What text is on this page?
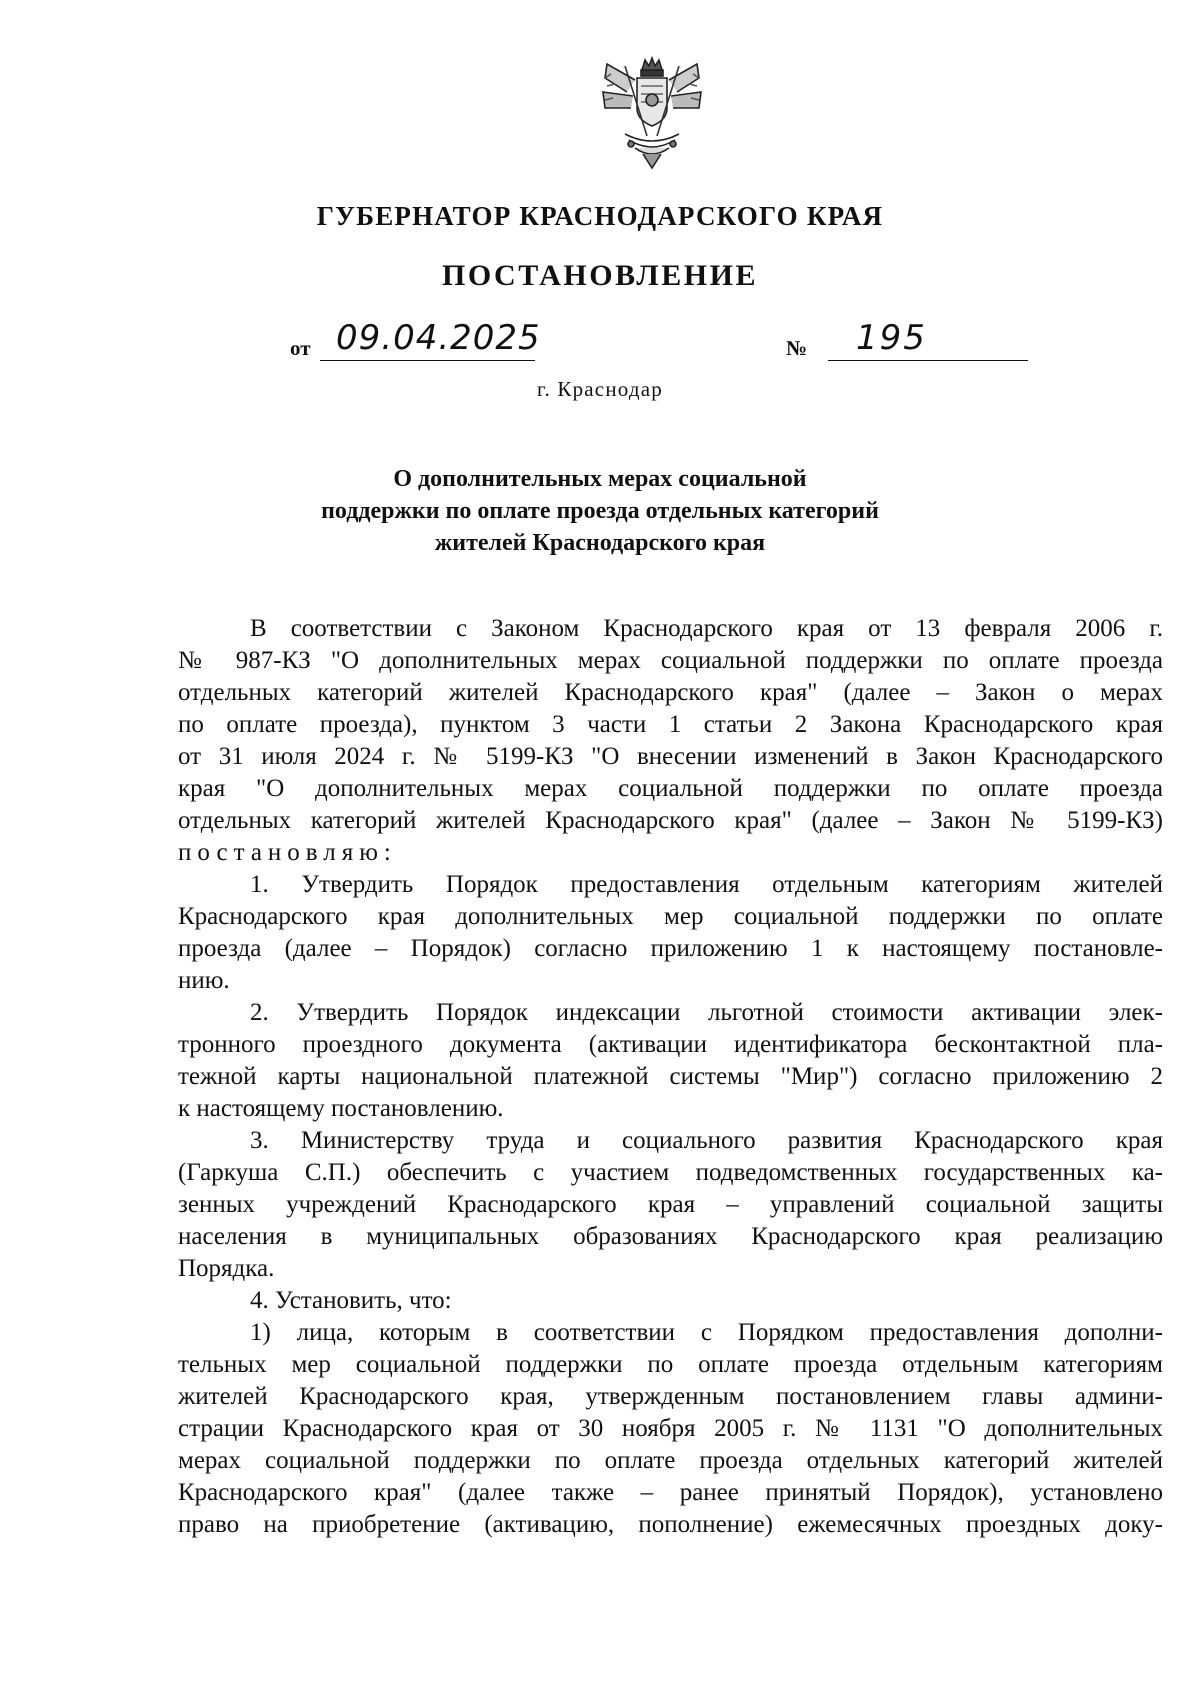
ГУБЕРНАТОР КРАСНОДАРСКОГО КРАЯ
ПОСТАНОВЛЕНИЕ
от 09.04.2025	№ 195
г. Краснодар
О дополнительных мерах социальной
поддержки по оплате проезда отдельных категорий
жителей Краснодарского края
В соответствии с Законом Краснодарского края от 13 февраля 2006 г.
№ 987-КЗ "О дополнительных мерах социальной поддержки по оплате проезда
отдельных категорий жителей Краснодарского края" (далее – Закон о мерах
по оплате проезда), пунктом 3 части 1 статьи 2 Закона Краснодарского края
от 31 июля 2024 г. № 5199-КЗ "О внесении изменений в Закон Краснодарского
края "О дополнительных мерах социальной поддержки по оплате проезда
отдельных категорий жителей Краснодарского края" (далее – Закон № 5199-КЗ)
постановляю:
1. Утвердить Порядок предоставления отдельным категориям жителей
Краснодарского края дополнительных мер социальной поддержки по оплате
проезда (далее – Порядок) согласно приложению 1 к настоящему постановле-
нию.
2. Утвердить Порядок индексации льготной стоимости активации элек-
тронного проездного документа (активации идентификатора бесконтактной пла-
тежной карты национальной платежной системы "Мир") согласно приложению 2
к настоящему постановлению.
3. Министерству труда и социального развития Краснодарского края
(Гаркуша С.П.) обеспечить с участием подведомственных государственных ка-
зенных учреждений Краснодарского края – управлений социальной защиты
населения в муниципальных образованиях Краснодарского края реализацию
Порядка.
4. Установить, что:
1) лица, которым в соответствии с Порядком предоставления дополни-
тельных мер социальной поддержки по оплате проезда отдельным категориям
жителей Краснодарского края, утвержденным постановлением главы админи-
страции Краснодарского края от 30 ноября 2005 г. № 1131 "О дополнительных
мерах социальной поддержки по оплате проезда отдельных категорий жителей
Краснодарского края" (далее также – ранее принятый Порядок), установлено
право на приобретение (активацию, пополнение) ежемесячных проездных доку-
